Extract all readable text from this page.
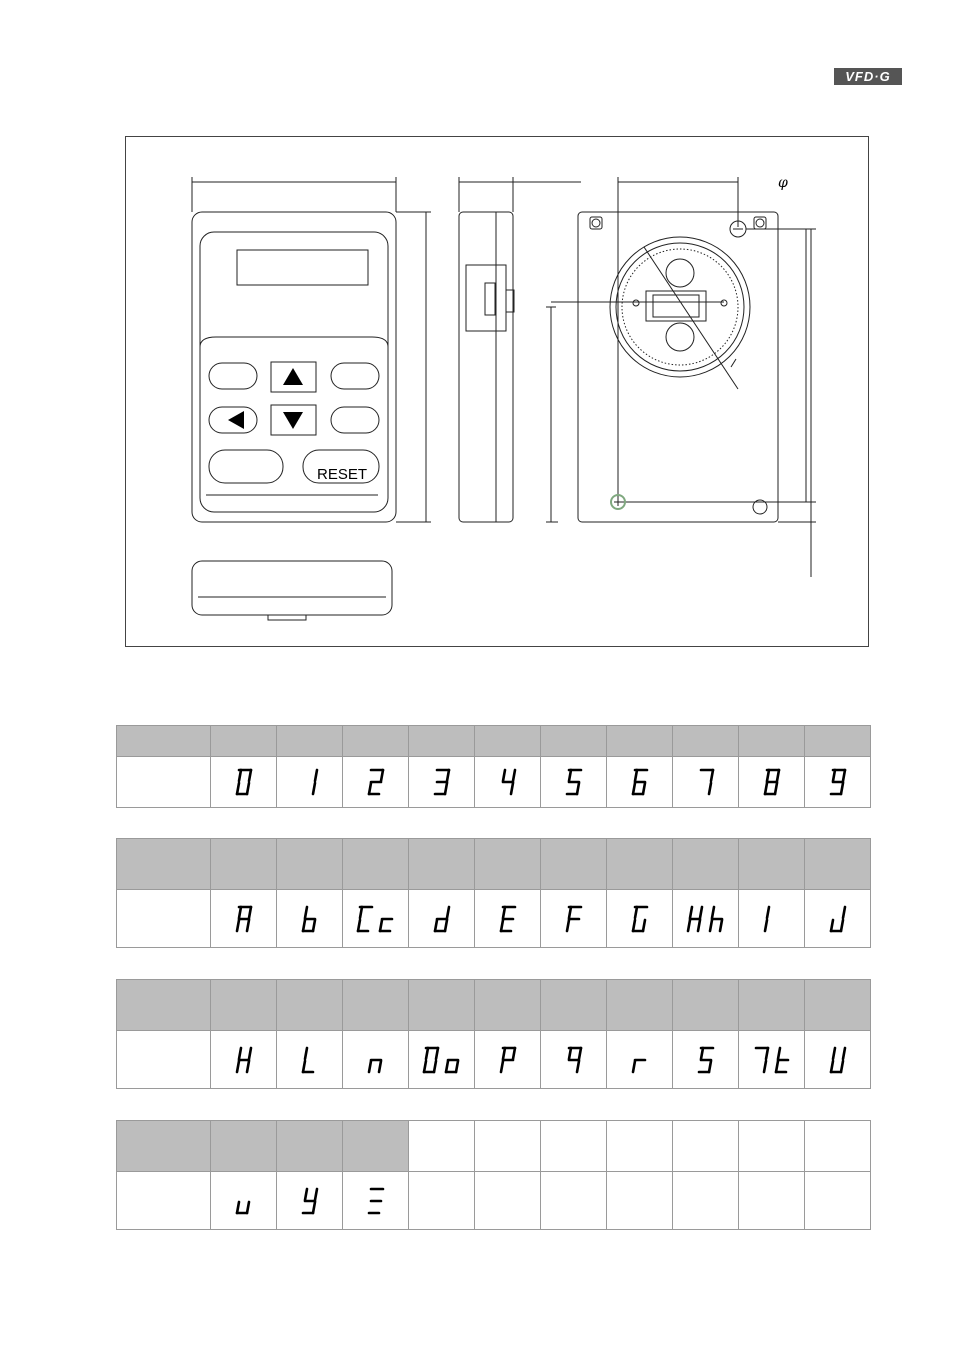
VFD·G
RESET
φ
